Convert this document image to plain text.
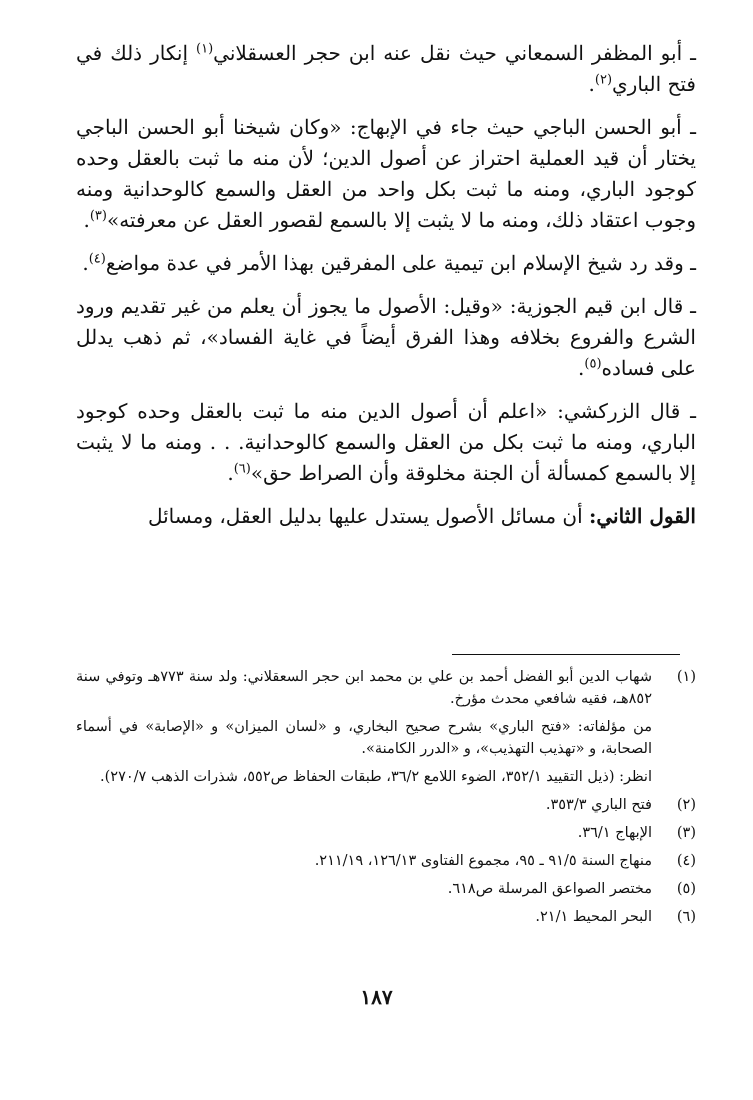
ـ أبو المظفر السمعاني حيث نقل عنه ابن حجر العسقلاني$^{(١)}$ إنكار ذلك في فتح الباري$^{(٢)}$.

ـ أبو الحسن الباجي حيث جاء في الإبهاج: «وكان شيخنا أبو الحسن الباجي يختار أن قيد العملية احتراز عن أصول الدين؛ لأن منه ما ثبت بالعقل وحده كوجود الباري، ومنه ما ثبت بكل واحد من العقل والسمع كالوحدانية ومنه وجوب اعتقاد ذلك، ومنه ما لا يثبت إلا بالسمع لقصور العقل عن معرفته»$^{(٣)}$.

ـ وقد رد شيخ الإسلام ابن تيمية على المفرقين بهذا الأمر في عدة مواضع$^{(٤)}$.

ـ قال ابن قيم الجوزية: «وقيل: الأصول ما يجوز أن يعلم من غير تقديم ورود الشرع والفروع بخلافه وهذا الفرق أيضاً في غاية الفساد»، ثم ذهب يدلل على فساده$^{(٥)}$.

ـ قال الزركشي: «اعلم أن أصول الدين منه ما ثبت بالعقل وحده كوجود الباري، ومنه ما ثبت بكل من العقل والسمع كالوحدانية. . . ومنه ما لا يثبت إلا بالسمع كمسألة أن الجنة مخلوقة وأن الصراط حق»$^{(٦)}$.

القول الثاني: أن مسائل الأصول يستدل عليها بدليل العقل، ومسائل

(١)
شهاب الدين أبو الفضل أحمد بن علي بن محمد ابن حجر السعقلاني: ولد سنة ٧٧٣هـ وتوفي سنة ٨٥٢هـ، فقيه شافعي محدث مؤرخ.
من مؤلفاته: «فتح الباري» بشرح صحيح البخاري، و «لسان الميزان» و «الإصابة» في أسماء الصحابة، و «تهذيب التهذيب»، و «الدرر الكامنة».
انظر: (ذيل التقييد ٣٥٢/١، الضوء اللامع ٣٦/٢، طبقات الحفاظ ص٥٥٢، شذرات الذهب ٢٧٠/٧).
(٢)
فتح الباري ٣٥٣/٣.
(٣)
الإبهاج ٣٦/١.
(٤)
منهاج السنة ٩١/٥ ـ ٩٥، مجموع الفتاوى ١٢٦/١٣، ٢١١/١٩.
(٥)
مختصر الصواعق المرسلة ص٦١٨.
(٦)
البحر المحيط ٢١/١.
١٨٧
